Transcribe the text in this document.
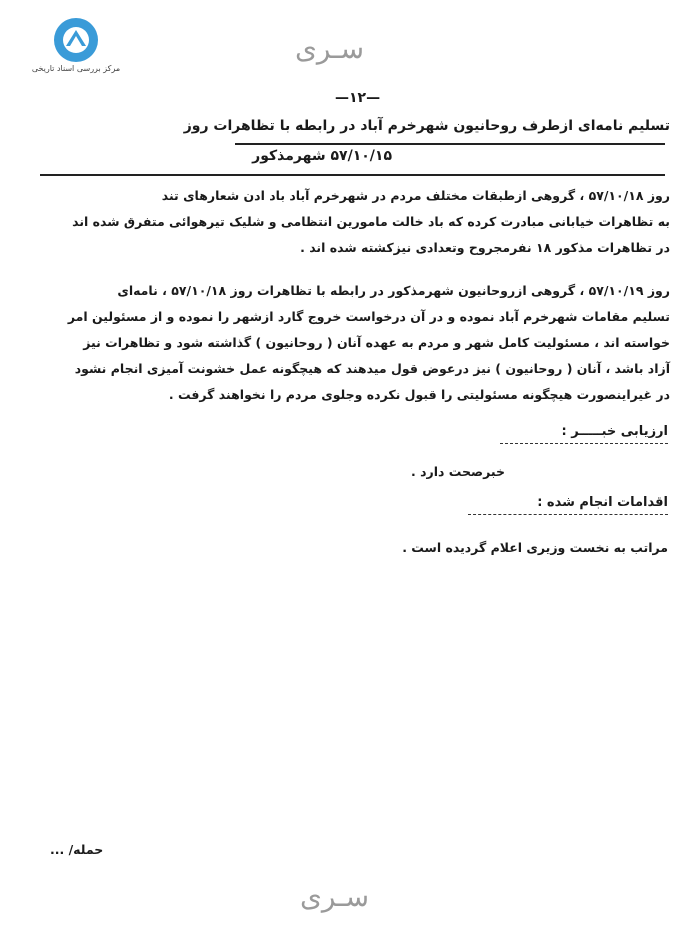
مرکز بررسی اسناد تاریخی
سـری
—۱۲—
تسلیم نامه‌ای ازطرف روحانیون شهرخرم آباد در رابطه با تظاهرات روز
۵۷/۱۰/۱۵ شهرمذکور

روز ۵۷/۱۰/۱۸ ، گروهی ازطبقات مختلف مردم در شهرخرم آباد باد ادن شعارهای تند

به تظاهرات خیابانی مبادرت کرده که باد خالت مامورین انتظامی و شلیک تیرهوائی متفرق شده اند

در تظاهرات مذکور ۱۸ نفرمجروح وتعدادی نیزکشته شده اند .

روز ۵۷/۱۰/۱۹ ، گروهی ازروحانیون شهرمذکور در رابطه با تظاهرات روز ۵۷/۱۰/۱۸ ، نامه‌ای

تسلیم مقامات شهرخرم آباد نموده و در آن درخواست خروج گارد ازشهر را نموده و از مسئولین امر

خواسته اند ، مسئولیت کامل شهر و مردم به عهده آنان ( روحانیون ) گذاشته شود و تظاهرات نیز

آزاد باشد ، آنان ( روحانیون ) نیز درعوض قول میدهند که هیچگونه عمل خشونت آمیزی انجام نشود

در غیراینصورت هیچگونه مسئولیتی را قبول نکرده وجلوی مردم را نخواهند گرفت .

ارزیابی خبـــــر :
خبرصحت دارد .
اقدامات انجام شده :
مراتب به نخست وزیری اعلام گردیده است .
حمله/ ...
سـری
